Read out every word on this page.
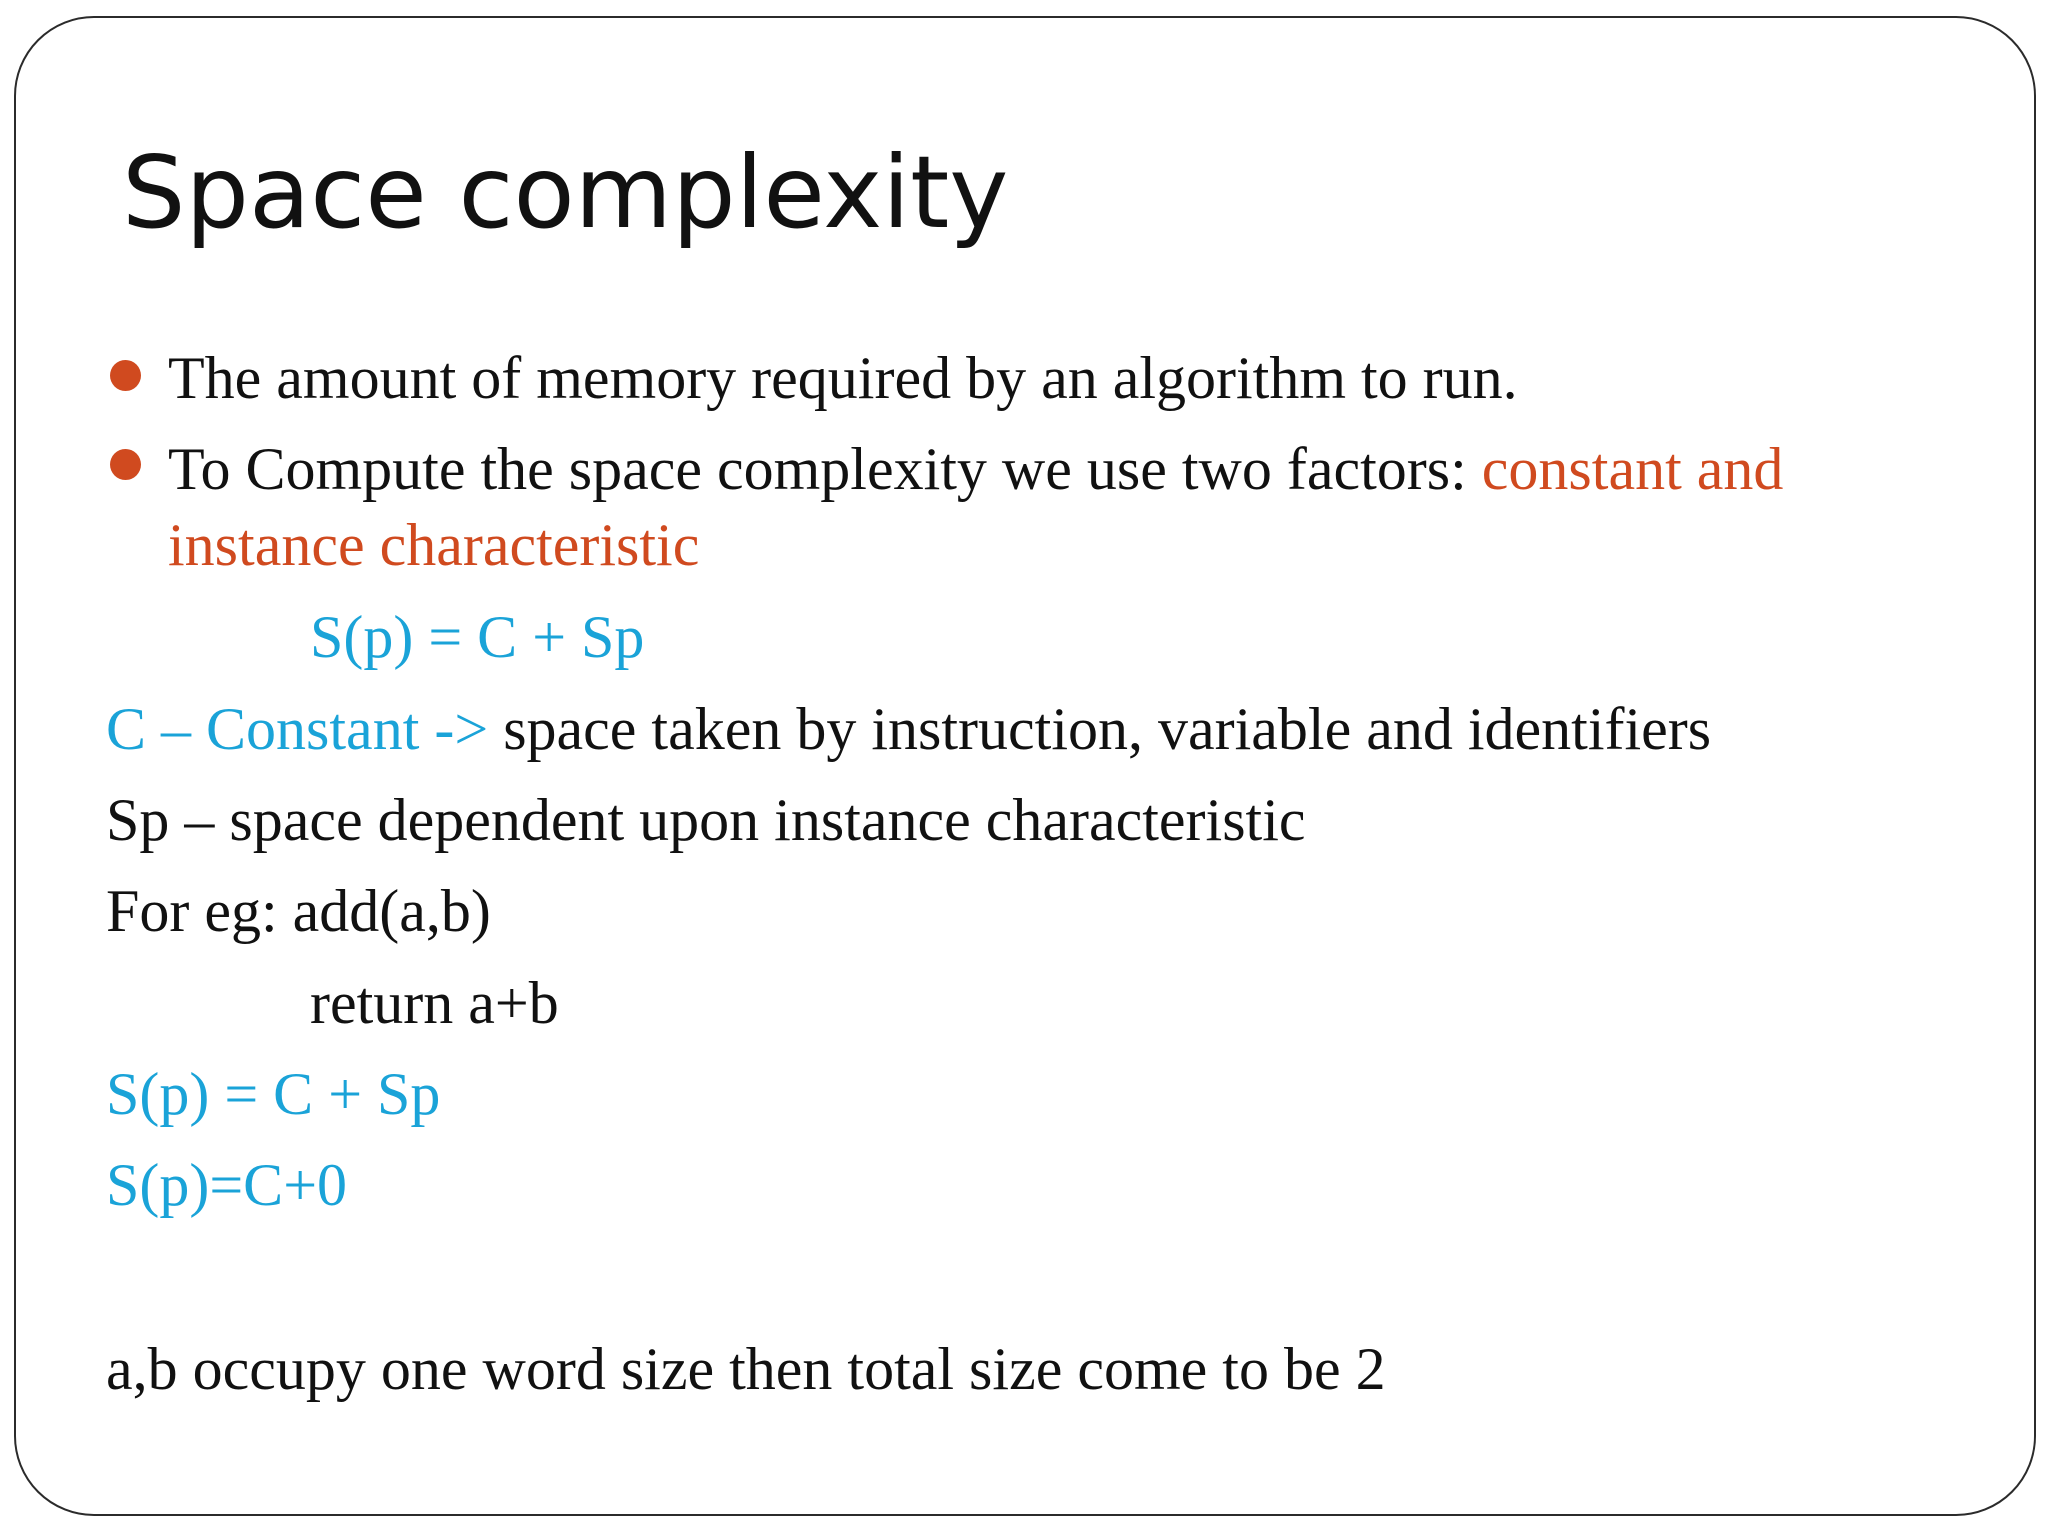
Space complexity
The amount of memory required by an algorithm to run.
To Compute the space complexity we use two factors: constant and
instance characteristic
S(p) = C + Sp
C – Constant -> space taken by instruction, variable and identifiers
Sp – space dependent upon instance characteristic
For eg: add(a,b)
return a+b
S(p) = C + Sp
S(p)=C+0
a,b occupy one word size then total size come to be 2
